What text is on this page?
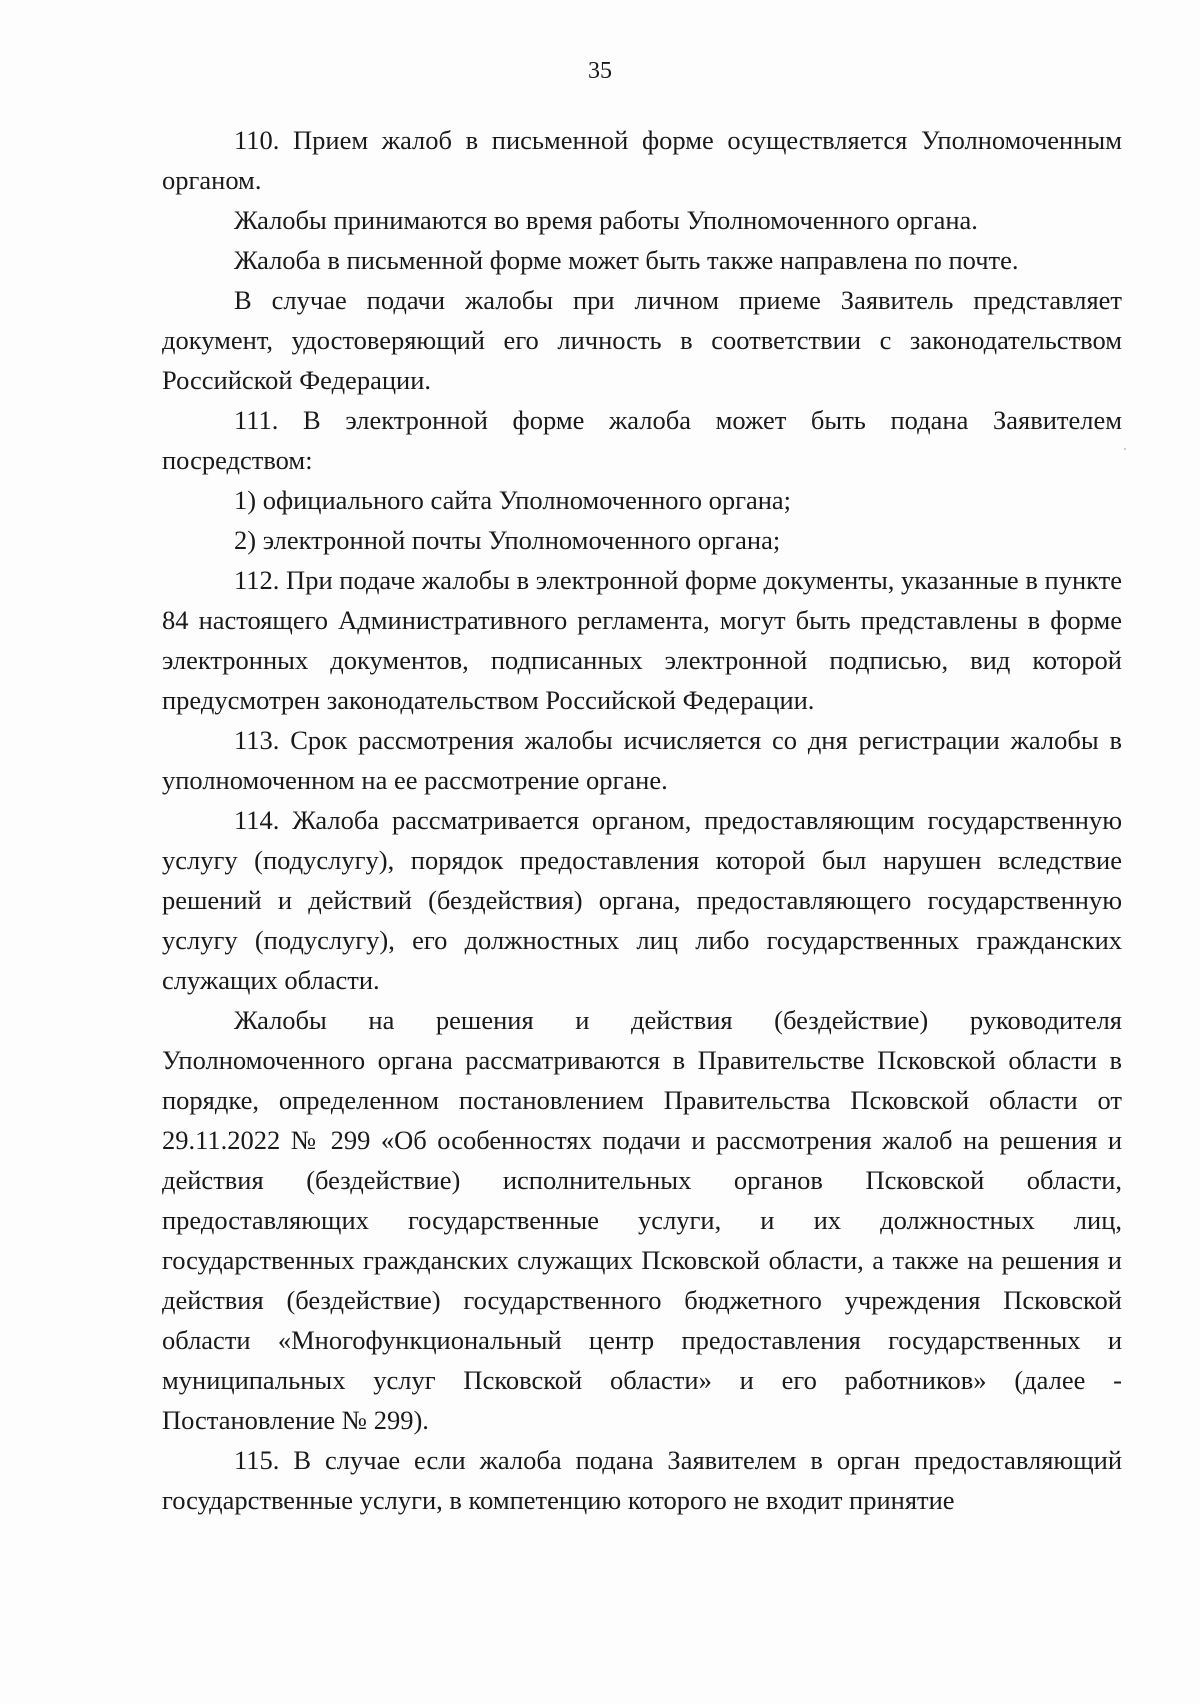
35

110. Прием жалоб в письменной форме осуществляется Уполномоченным органом.

Жалобы принимаются во время работы Уполномоченного органа.

Жалоба в письменной форме может быть также направлена по почте.

В случае подачи жалобы при личном приеме Заявитель представляет документ, удостоверяющий его личность в соответствии с законодательством Российской Федерации.

111. В электронной форме жалоба может быть подана Заявителем посредством:

1) официального сайта Уполномоченного органа;

2) электронной почты Уполномоченного органа;

112. При подаче жалобы в электронной форме документы, указанные в пункте 84 настоящего Административного регламента, могут быть представлены в форме электронных документов, подписанных электронной подписью, вид которой предусмотрен законодательством Российской Федерации.

113. Срок рассмотрения жалобы исчисляется со дня регистрации жалобы в уполномоченном на ее рассмотрение органе.

114. Жалоба рассматривается органом, предоставляющим государственную услугу (подуслугу), порядок предоставления которой был нарушен вследствие решений и действий (бездействия) органа, предоставляющего государственную услугу (подуслугу), его должностных лиц либо государственных гражданских служащих области.

Жалобы на решения и действия (бездействие) руководителя Уполномоченного органа рассматриваются в Правительстве Псковской области в порядке, определенном постановлением Правительства Псковской области от 29.11.2022 № 299 «Об особенностях подачи и рассмотрения жалоб на решения и действия (бездействие) исполнительных органов Псковской области, предоставляющих государственные услуги, и их должностных лиц, государственных гражданских служащих Псковской области, а также на решения и действия (бездействие) государственного бюджетного учреждения Псковской области «Многофункциональный центр предоставления государственных и муниципальных услуг Псковской области» и его работников» (далее - Постановление № 299).

115. В случае если жалоба подана Заявителем в орган предоставляющий государственные услуги, в компетенцию которого не входит принятие
